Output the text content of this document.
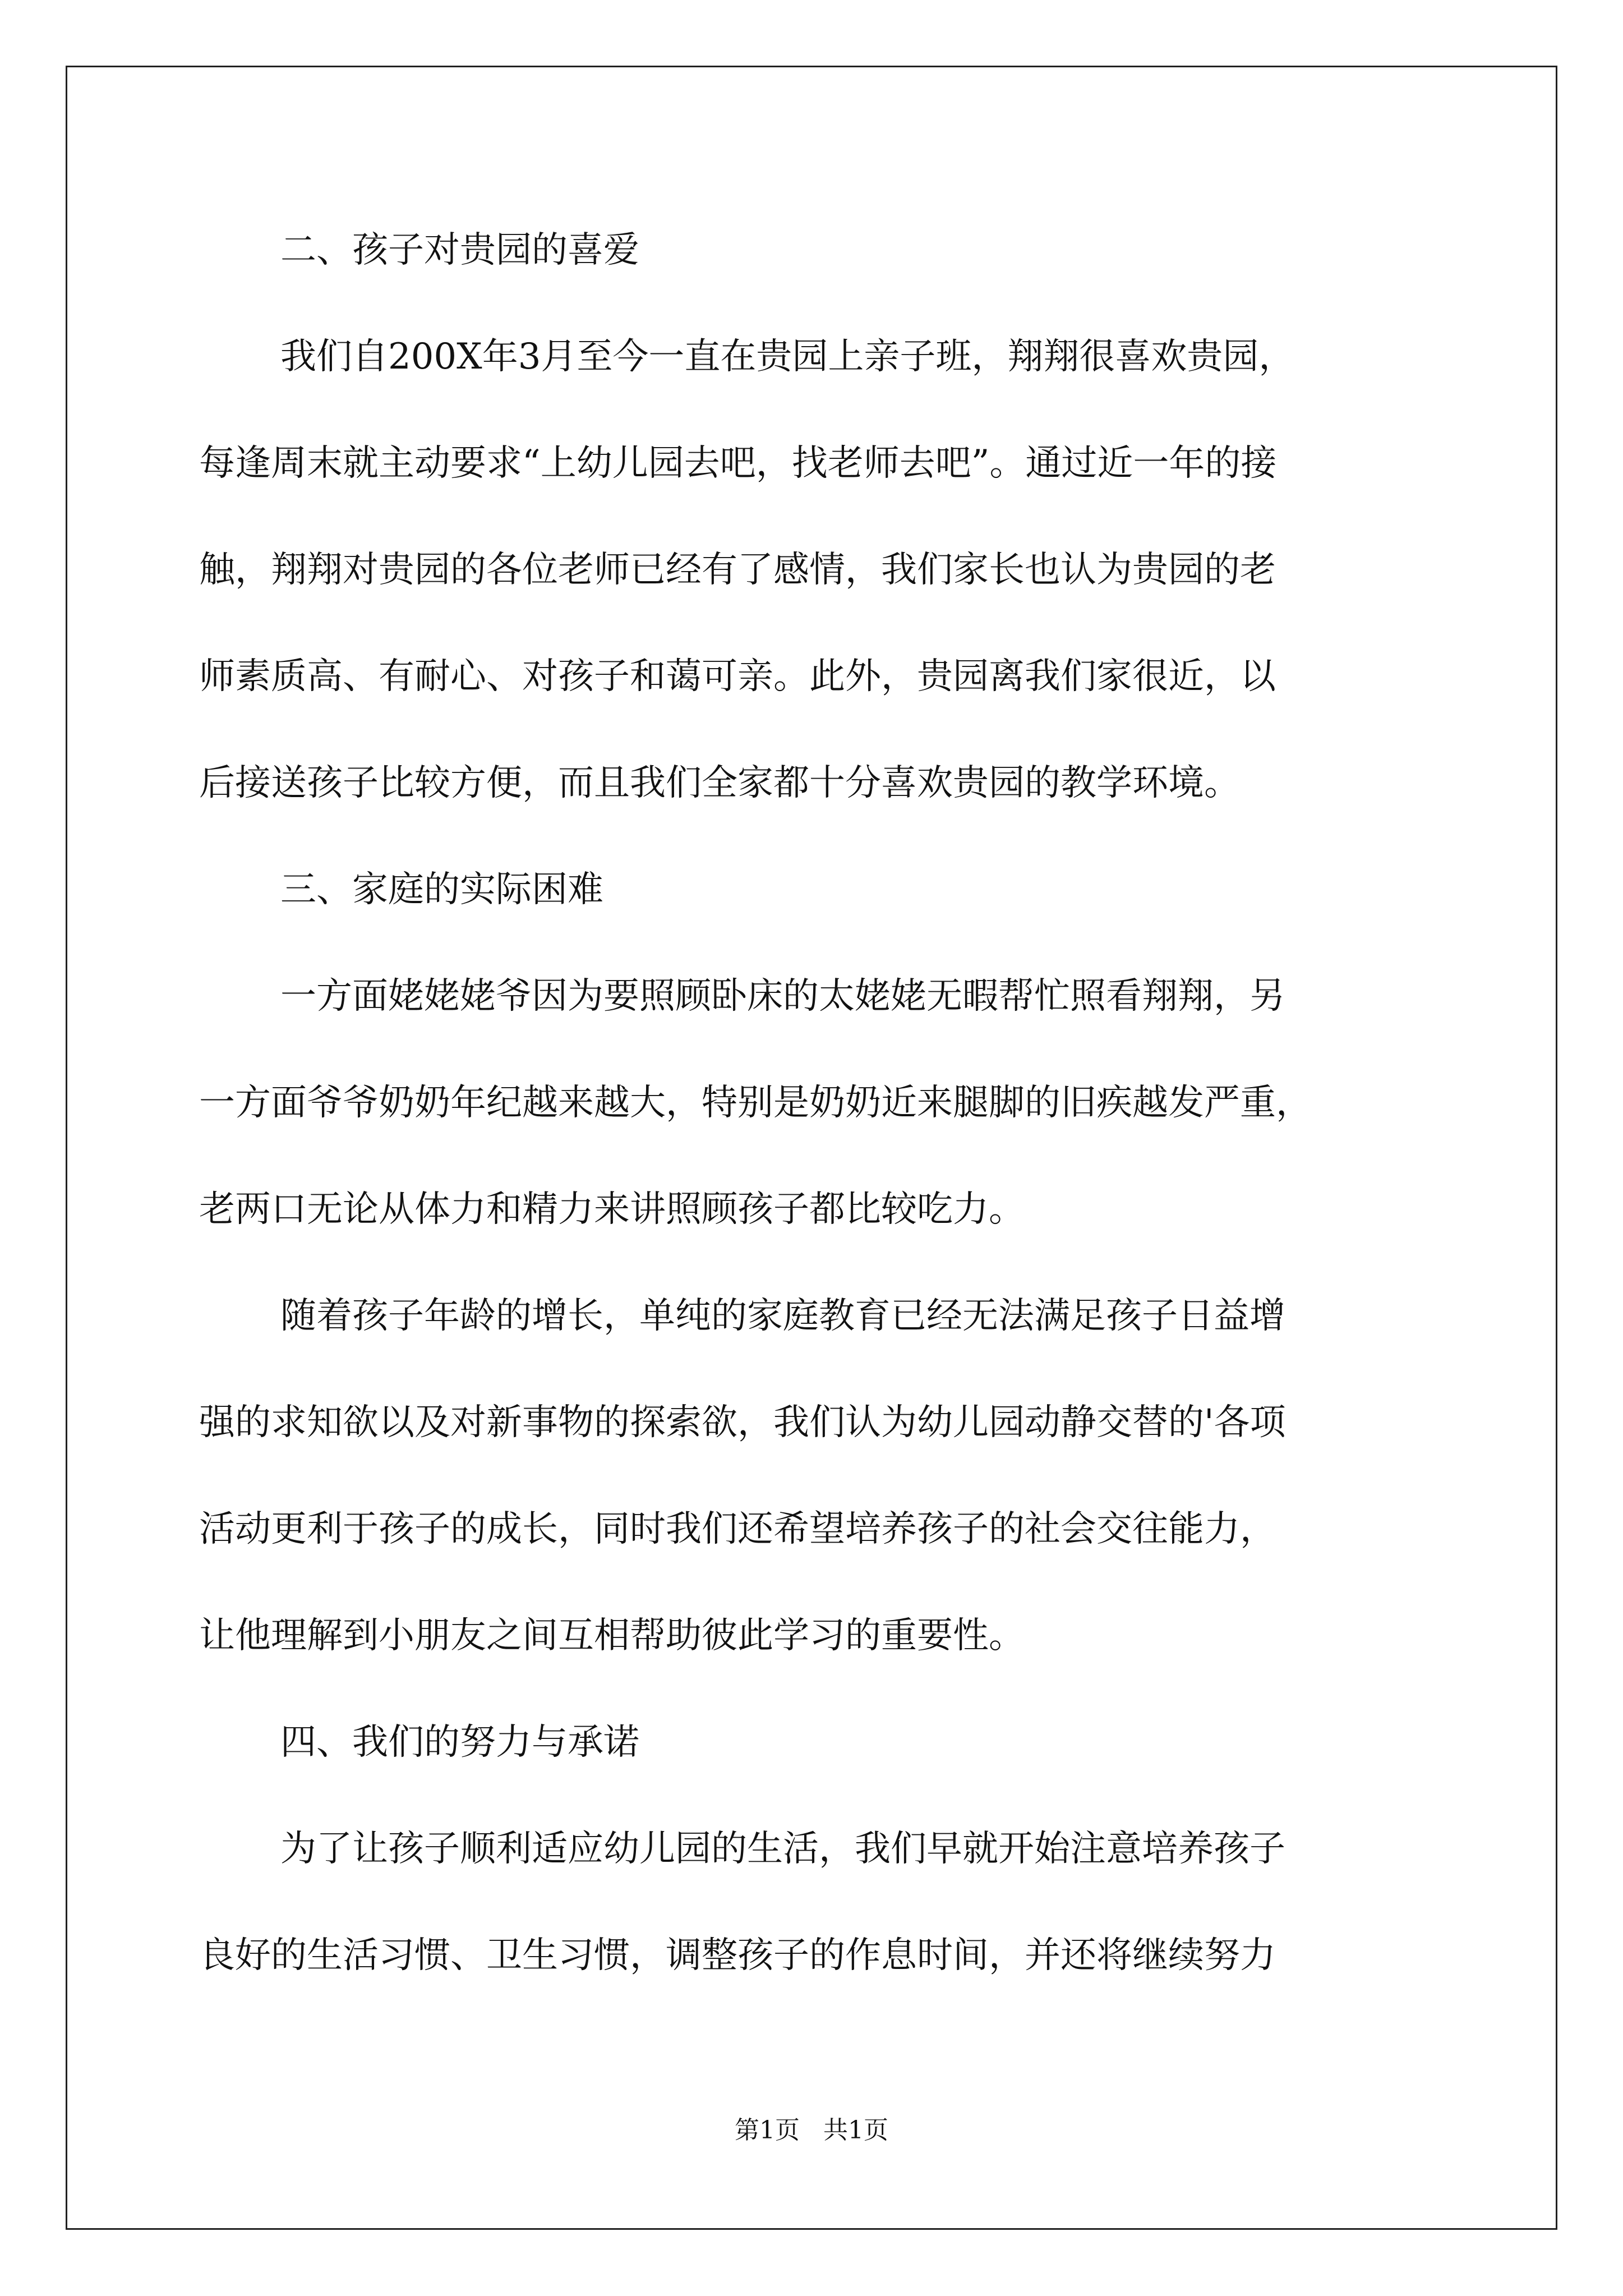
二、孩子对贵园的喜爱
我们自200X年3月至今一直在贵园上亲子班，翔翔很喜欢贵园，
每逢周末就主动要求“上幼儿园去吧，找老师去吧”。通过近一年的接
触，翔翔对贵园的各位老师已经有了感情，我们家长也认为贵园的老
师素质高、有耐心、对孩子和蔼可亲。此外，贵园离我们家很近，以
后接送孩子比较方便，而且我们全家都十分喜欢贵园的教学环境。
三、家庭的实际困难
一方面姥姥姥爷因为要照顾卧床的太姥姥无暇帮忙照看翔翔，另
一方面爷爷奶奶年纪越来越大，特别是奶奶近来腿脚的旧疾越发严重，
老两口无论从体力和精力来讲照顾孩子都比较吃力。
随着孩子年龄的增长，单纯的家庭教育已经无法满足孩子日益增
强的求知欲以及对新事物的探索欲，我们认为幼儿园动静交替的'各项
活动更利于孩子的成长，同时我们还希望培养孩子的社会交往能力，
让他理解到小朋友之间互相帮助彼此学习的重要性。
四、我们的努力与承诺
为了让孩子顺利适应幼儿园的生活，我们早就开始注意培养孩子
良好的生活习惯、卫生习惯，调整孩子的作息时间，并还将继续努力
第1页   共1页
